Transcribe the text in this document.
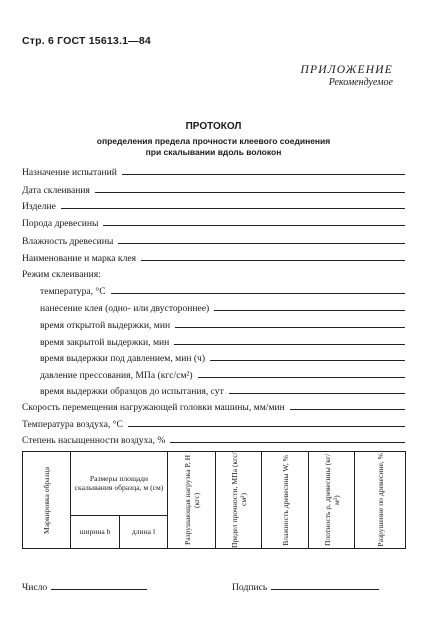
Стр. 6 ГОСТ 15613.1—84
ПРИЛОЖЕНИЕ
Рекомендуемое
ПРОТОКОЛ
определения предела прочности клеевого соединения
при скалывании вдоль волокон
Назначение испытаний
Дата склеивания
Изделие
Порода древесины
Влажность древесины
Наименование и марка клея
Режим склеивания:
температура, °С
нанесение клея (одно- или двустороннее)
время открытой выдержки, мин
время закрытой выдержки, мин
время выдержки под давлением, мин (ч)
давление прессования, МПа (кгс/см²)
время выдержки образцов до испытания, сут
Скорость перемещения нагружающей головки машины, мм/мин
Температура воздуха, °С
Степень насыщенности воздуха, %
Маркировка образца	Размеры площади скалывания образца, м (см)		Разрушающая нагрузка P, Н (кгс)	Предел прочности, МПа (кгс/см²)	Влажность древесины W, %	Плотность ρ, древесины (кг/м³)	Разрушение по древесине, %

	ширина b	длина l					
Число	Подпись
